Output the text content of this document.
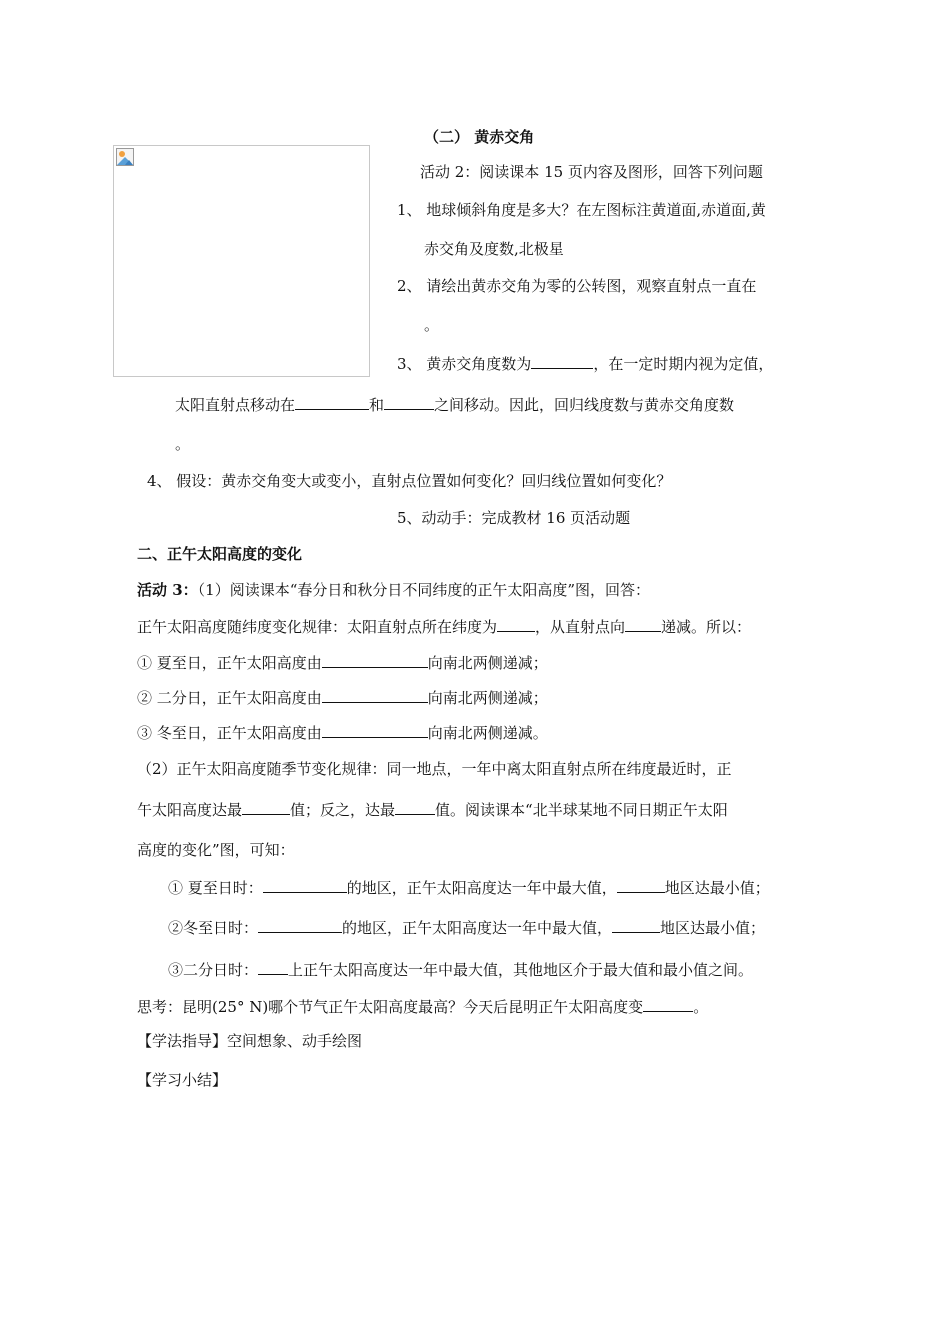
（二） 黄赤交角
活动 2：阅读课本 15 页内容及图形，回答下列问题
1、 地球倾斜角度是多大？在左图标注黄道面,赤道面,黄
赤交角及度数,北极星
2、 请绘出黄赤交角为零的公转图，观察直射点一直在
。
3、 黄赤交角度数为	，在一定时期内视为定值，
太阳直射点移动在	和	之间移动。因此，回归线度数与黄赤交角度数
。
4、 假设：黄赤交角变大或变小，直射点位置如何变化？回归线位置如何变化？
5、动动手：完成教材 16 页活动题
二、正午太阳高度的变化
活动 3：（1）阅读课本“春分日和秋分日不同纬度的正午太阳高度”图，回答：
正午太阳高度随纬度变化规律：太阳直射点所在纬度为	，从直射点向 递减。所以：
① 夏至日，正午太阳高度由	向南北两侧递减；
② 二分日，正午太阳高度由	向南北两侧递减；
③ 冬至日，正午太阳高度由	向南北两侧递减。
（2）正午太阳高度随季节变化规律：同一地点，一年中离太阳直射点所在纬度最近时，正
午太阳高度达最	值；反之，达最	值。阅读课本“北半球某地不同日期正午太阳
高度的变化”图，可知：
① 夏至日时：	的地区，正午太阳高度达一年中最大值，	地区达最小值；
②冬至日时：	的地区，正午太阳高度达一年中最大值，	地区达最小值；
③二分日时： 上正午太阳高度达一年中最大值，其他地区介于最大值和最小值之间。
思考：昆明(25° N)哪个节气正午太阳高度最高？今天后昆明正午太阳高度变	。
【学法指导】空间想象、动手绘图
【学习小结】
